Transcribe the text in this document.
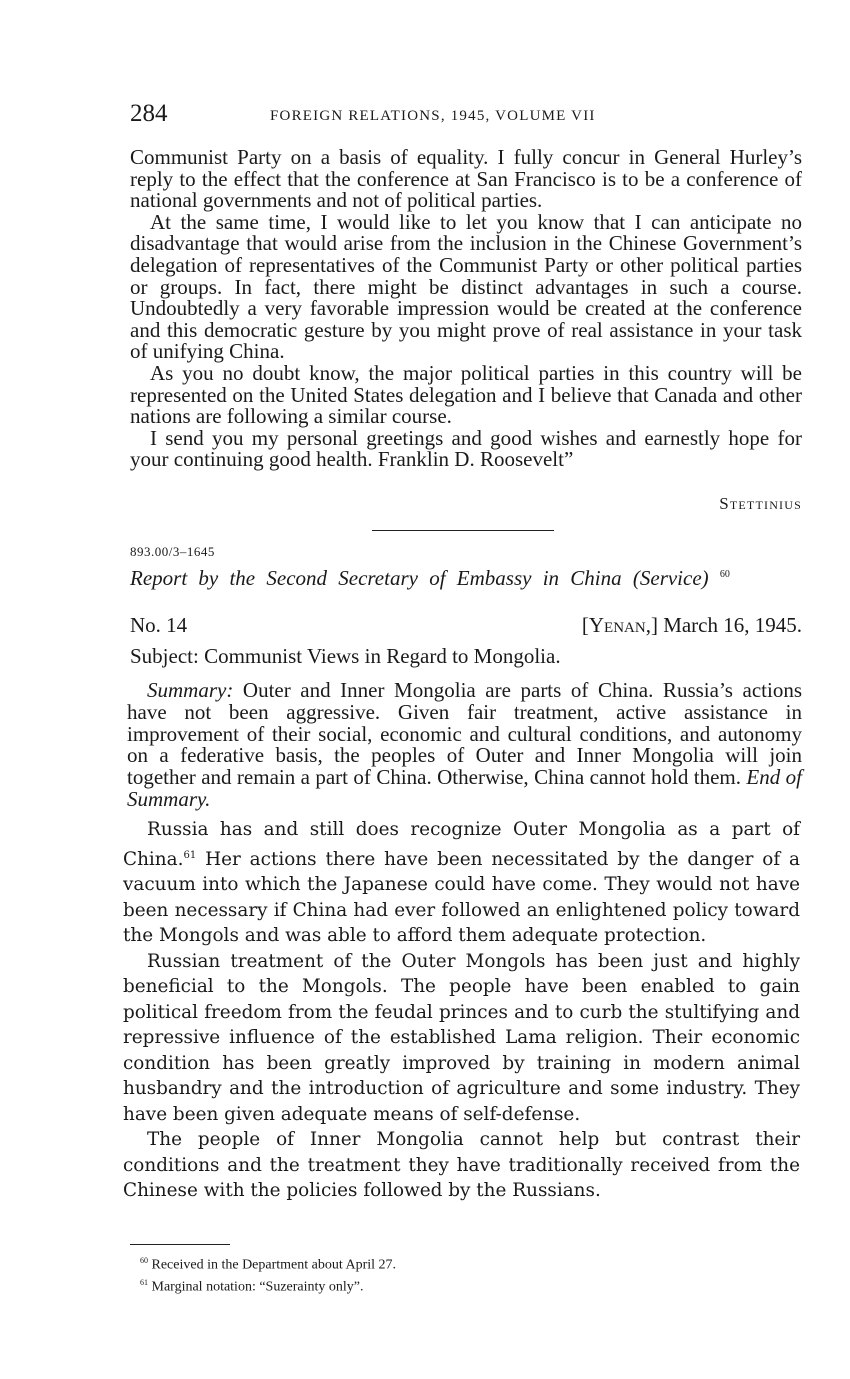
284	FOREIGN RELATIONS, 1945, VOLUME VII

Communist Party on a basis of equality. I fully concur in General Hurley’s reply to the effect that the conference at San Francisco is to be a conference of national governments and not of political parties.

At the same time, I would like to let you know that I can anticipate no disadvantage that would arise from the inclusion in the Chinese Government’s delegation of representatives of the Communist Party or other political parties or groups. In fact, there might be distinct advantages in such a course. Undoubtedly a very favorable impression would be created at the conference and this democratic gesture by you might prove of real assistance in your task of unifying China.

As you no doubt know, the major political parties in this country will be represented on the United States delegation and I believe that Canada and other nations are following a similar course.

I send you my personal greetings and good wishes and earnestly hope for your continuing good health. Franklin D. Roosevelt”

Stettinius
893.00/3–1645
Report by the Second Secretary of Embassy in China (Service) $^{60}$
No. 14	[Yenan,] March 16, 1945.
Subject: Communist Views in Regard to Mongolia.

Summary: Outer and Inner Mongolia are parts of China. Russia’s actions have not been aggressive. Given fair treatment, active assistance in improvement of their social, economic and cultural conditions, and autonomy on a federative basis, the peoples of Outer and Inner Mongolia will join together and remain a part of China. Otherwise, China cannot hold them. End of Summary.

Russia has and still does recognize Outer Mongolia as a part of China.$^{61}$ Her actions there have been necessitated by the danger of a vacuum into which the Japanese could have come. They would not have been necessary if China had ever followed an enlightened policy toward the Mongols and was able to afford them adequate protection.

Russian treatment of the Outer Mongols has been just and highly beneficial to the Mongols. The people have been enabled to gain political freedom from the feudal princes and to curb the stultifying and repressive influence of the established Lama religion. Their economic condition has been greatly improved by training in modern animal husbandry and the introduction of agriculture and some industry. They have been given adequate means of self-defense.

The people of Inner Mongolia cannot help but contrast their conditions and the treatment they have traditionally received from the Chinese with the policies followed by the Russians.

$^{60}$ Received in the Department about April 27.
$^{61}$ Marginal notation: “Suzerainty only”.
